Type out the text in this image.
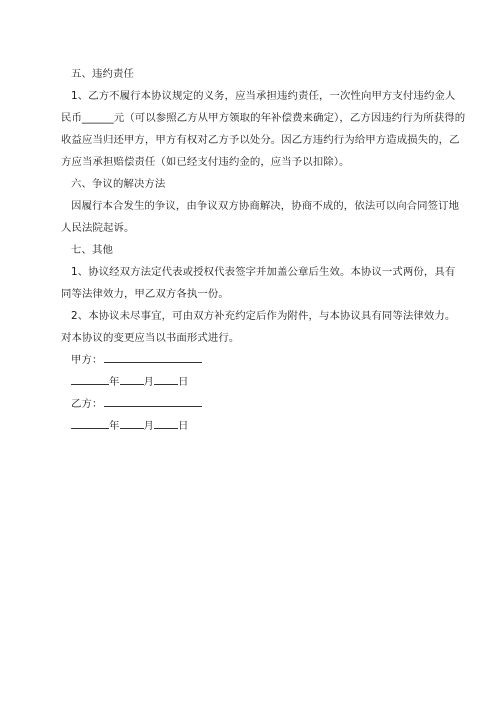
五、违约责任
1、乙方不履行本协议规定的义务，应当承担违约责任，一次性向甲方支付违约金人
民币______元（可以参照乙方从甲方领取的年补偿费来确定），乙方因违约行为所获得的
收益应当归还甲方，甲方有权对乙方予以处分。因乙方违约行为给甲方造成损失的，乙
方应当承担赔偿责任（如已经支付违约金的，应当予以扣除）。
六、争议的解决方法
因履行本合发生的争议，由争议双方协商解决，协商不成的，依法可以向合同签订地
人民法院起诉。
七、其他
1、协议经双方法定代表或授权代表签字并加盖公章后生效。本协议一式两份，具有
同等法律效力，甲乙双方各执一份。
2、本协议未尽事宜，可由双方补充约定后作为附件，与本协议具有同等法律效力。
对本协议的变更应当以书面形式进行。
甲方：
年 月 日
乙方：
年 月 日
